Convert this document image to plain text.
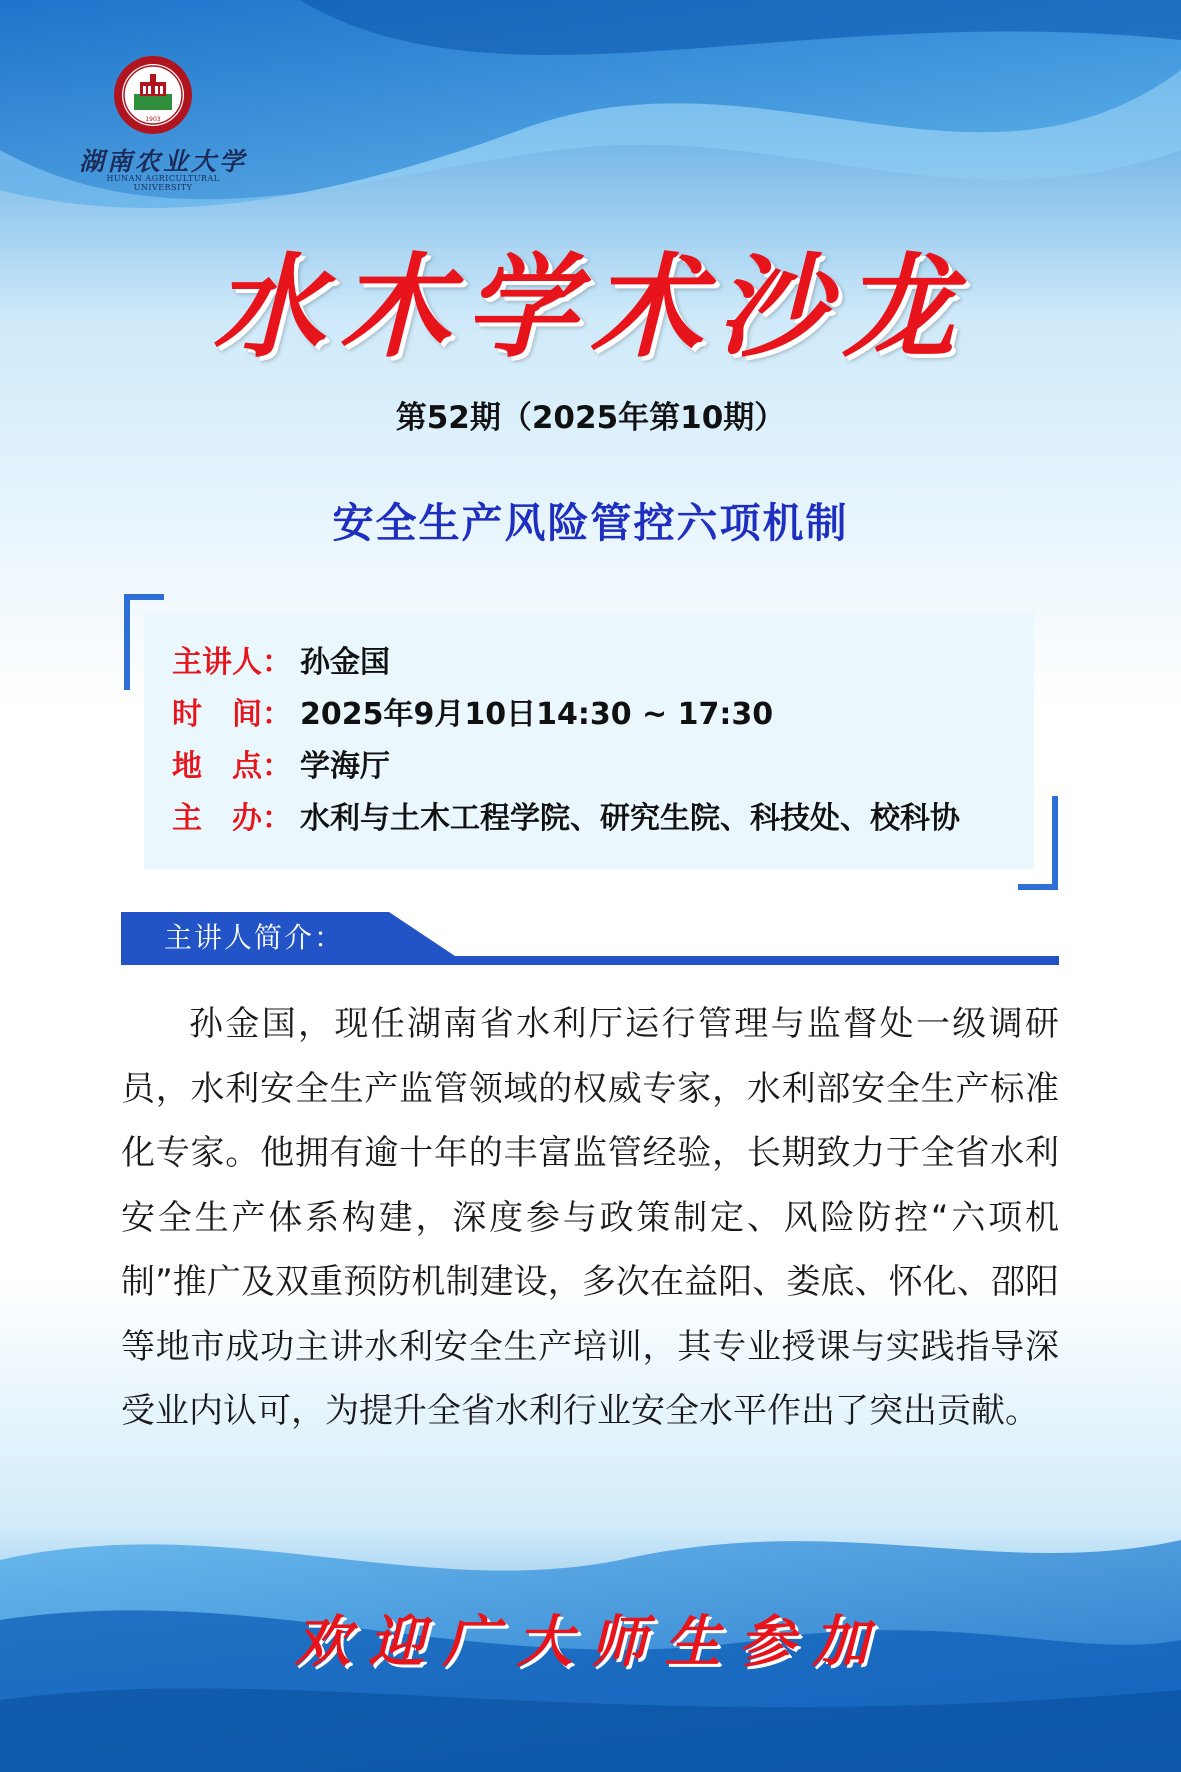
1903
湖南农业大学
HUNAN AGRICULTURAL UNIVERSITY
水木学术沙龙
第52期（2025年第10期）
安全生产风险管控六项机制
主讲人： 孙金国
时　间： 2025年9月10日14:30 ~ 17:30
地　点： 学海厅
主　办： 水利与土木工程学院、研究生院、科技处、校科协
主讲人简介：
孙金国，现任湖南省水利厅运行管理与监督处一级调研员，水利安全生产监管领域的权威专家，水利部安全生产标准化专家。他拥有逾十年的丰富监管经验，长期致力于全省水利安全生产体系构建，深度参与政策制定、风险防控“六项机制”推广及双重预防机制建设，多次在益阳、娄底、怀化、邵阳等地市成功主讲水利安全生产培训，其专业授课与实践指导深受业内认可，为提升全省水利行业安全水平作出了突出贡献。
欢迎广大师生参加
